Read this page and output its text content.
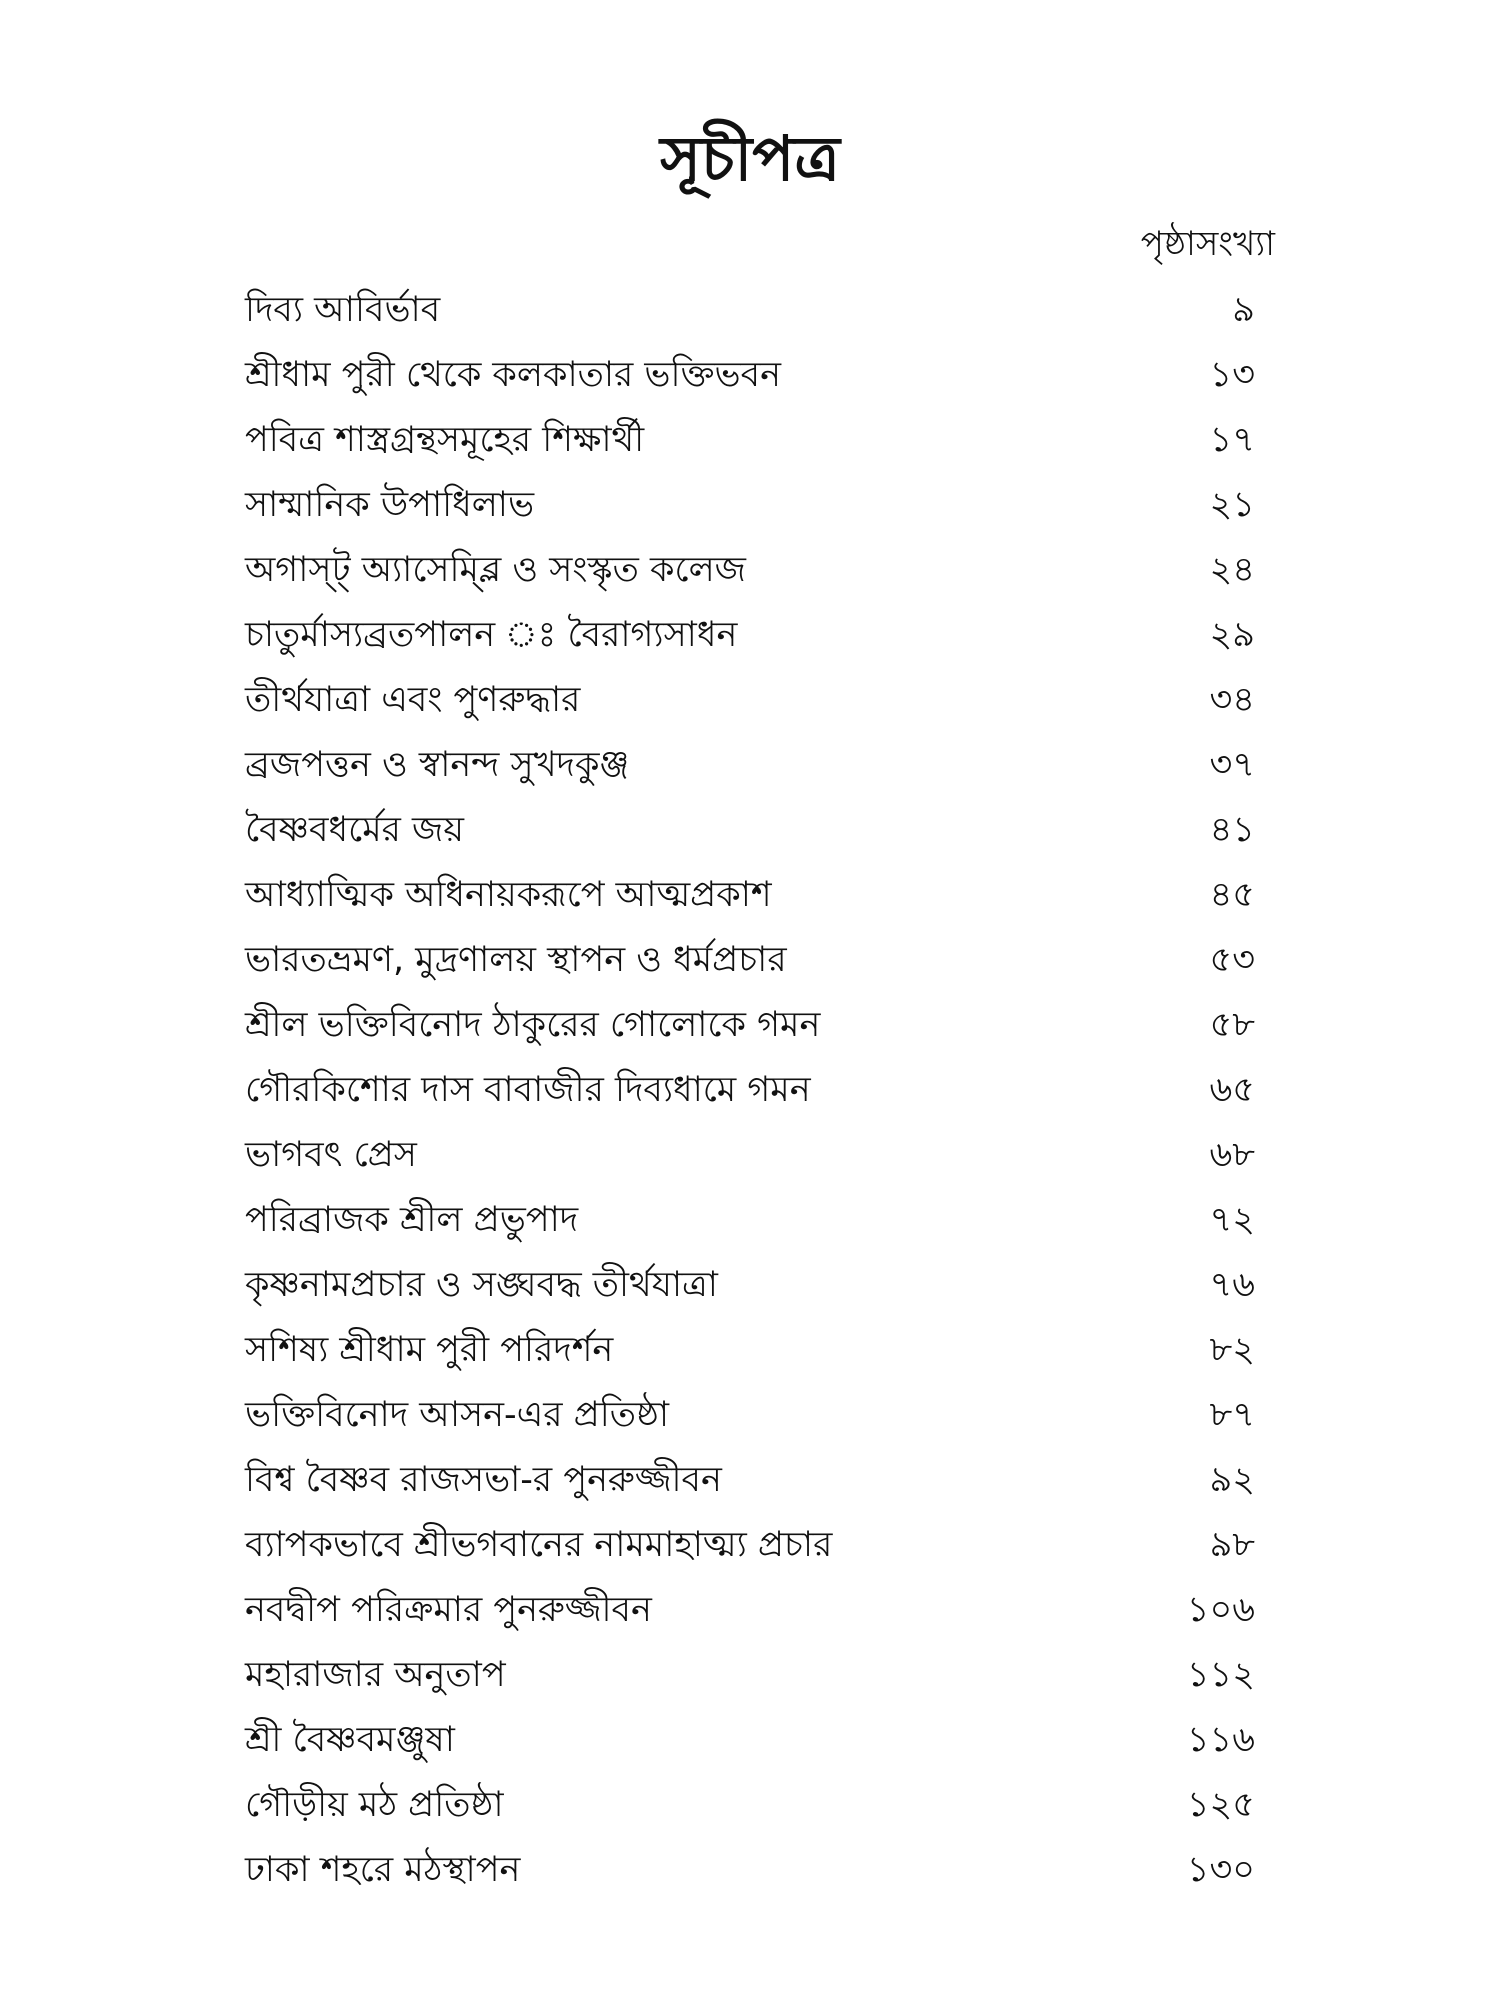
সূচীপত্র
পৃষ্ঠাসংখ্যা
দিব্য আবির্ভাব	৯
শ্রীধাম পুরী থেকে কলকাতার ভক্তিভবন	১৩
পবিত্র শাস্ত্রগ্রন্থসমূহের শিক্ষার্থী	১৭
সাম্মানিক উপাধিলাভ	২১
অগাস্ট্ অ্যাসেম্ব্লি ও সংস্কৃত কলেজ	২৪
চাতুর্মাস্যব্রতপালন ঃ বৈরাগ্যসাধন	২৯
তীর্থযাত্রা এবং পুণরুদ্ধার	৩৪
ব্রজপত্তন ও স্বানন্দ সুখদকুঞ্জ	৩৭
বৈষ্ণবধর্মের জয়	৪১
আধ্যাত্মিক অধিনায়করূপে আত্মপ্রকাশ	৪৫
ভারতভ্রমণ, মুদ্রণালয় স্থাপন ও ধর্মপ্রচার	৫৩
শ্রীল ভক্তিবিনোদ ঠাকুরের গোলোকে গমন	৫৮
গৌরকিশোর দাস বাবাজীর দিব্যধামে গমন	৬৫
ভাগবৎ প্রেস	৬৮
পরিব্রাজক শ্রীল প্রভুপাদ	৭২
কৃষ্ণনামপ্রচার ও সঙ্ঘবদ্ধ তীর্থযাত্রা	৭৬
সশিষ্য শ্রীধাম পুরী পরিদর্শন	৮২
ভক্তিবিনোদ আসন-এর প্রতিষ্ঠা	৮৭
বিশ্ব বৈষ্ণব রাজসভা-র পুনরুজ্জীবন	৯২
ব্যাপকভাবে শ্রীভগবানের নামমাহাত্ম্য প্রচার	৯৮
নবদ্বীপ পরিক্রমার পুনরুজ্জীবন	১০৬
মহারাজার অনুতাপ	১১২
শ্রী বৈষ্ণবমঞ্জুষা	১১৬
গৌড়ীয় মঠ প্রতিষ্ঠা	১২৫
ঢাকা শহরে মঠস্থাপন	১৩০
